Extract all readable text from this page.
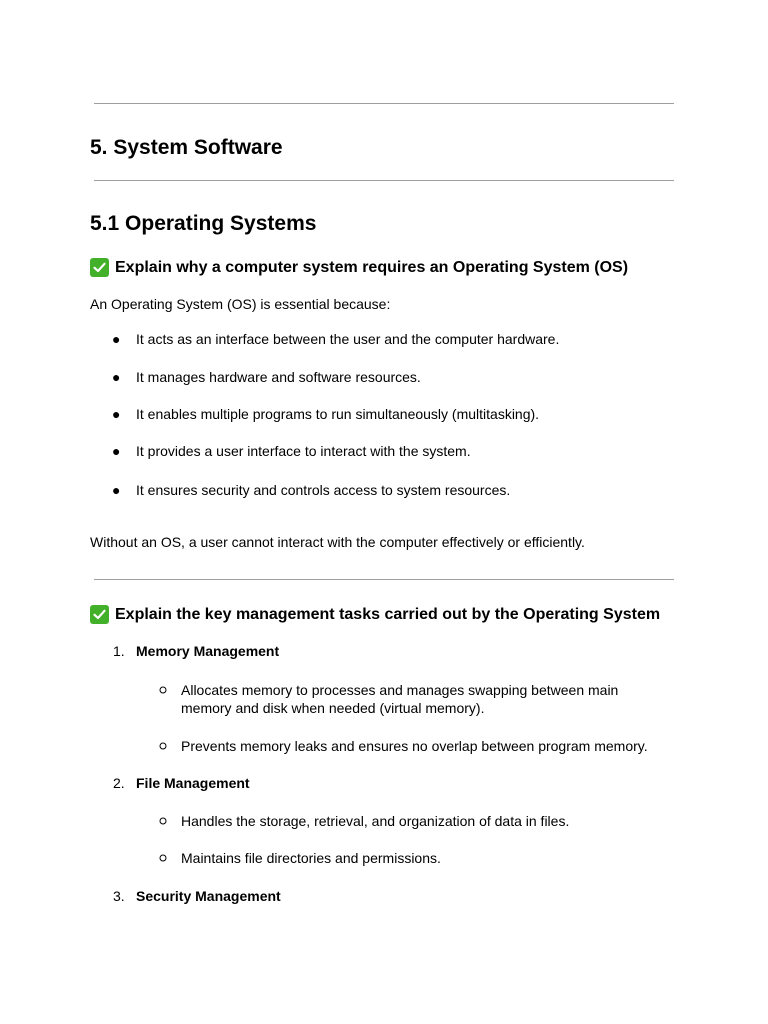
5. System Software
5.1 Operating Systems
Explain why a computer system requires an Operating System (OS)
An Operating System (OS) is essential because:
● It acts as an interface between the user and the computer hardware.
● It manages hardware and software resources.
● It enables multiple programs to run simultaneously (multitasking).
● It provides a user interface to interact with the system.
● It ensures security and controls access to system resources.
Without an OS, a user cannot interact with the computer effectively or efficiently.
Explain the key management tasks carried out by the Operating System
1. Memory Management
Allocates memory to processes and manages swapping between main memory and disk when needed (virtual memory).
Prevents memory leaks and ensures no overlap between program memory.
2. File Management
Handles the storage, retrieval, and organization of data in files.
Maintains file directories and permissions.
3. Security Management
